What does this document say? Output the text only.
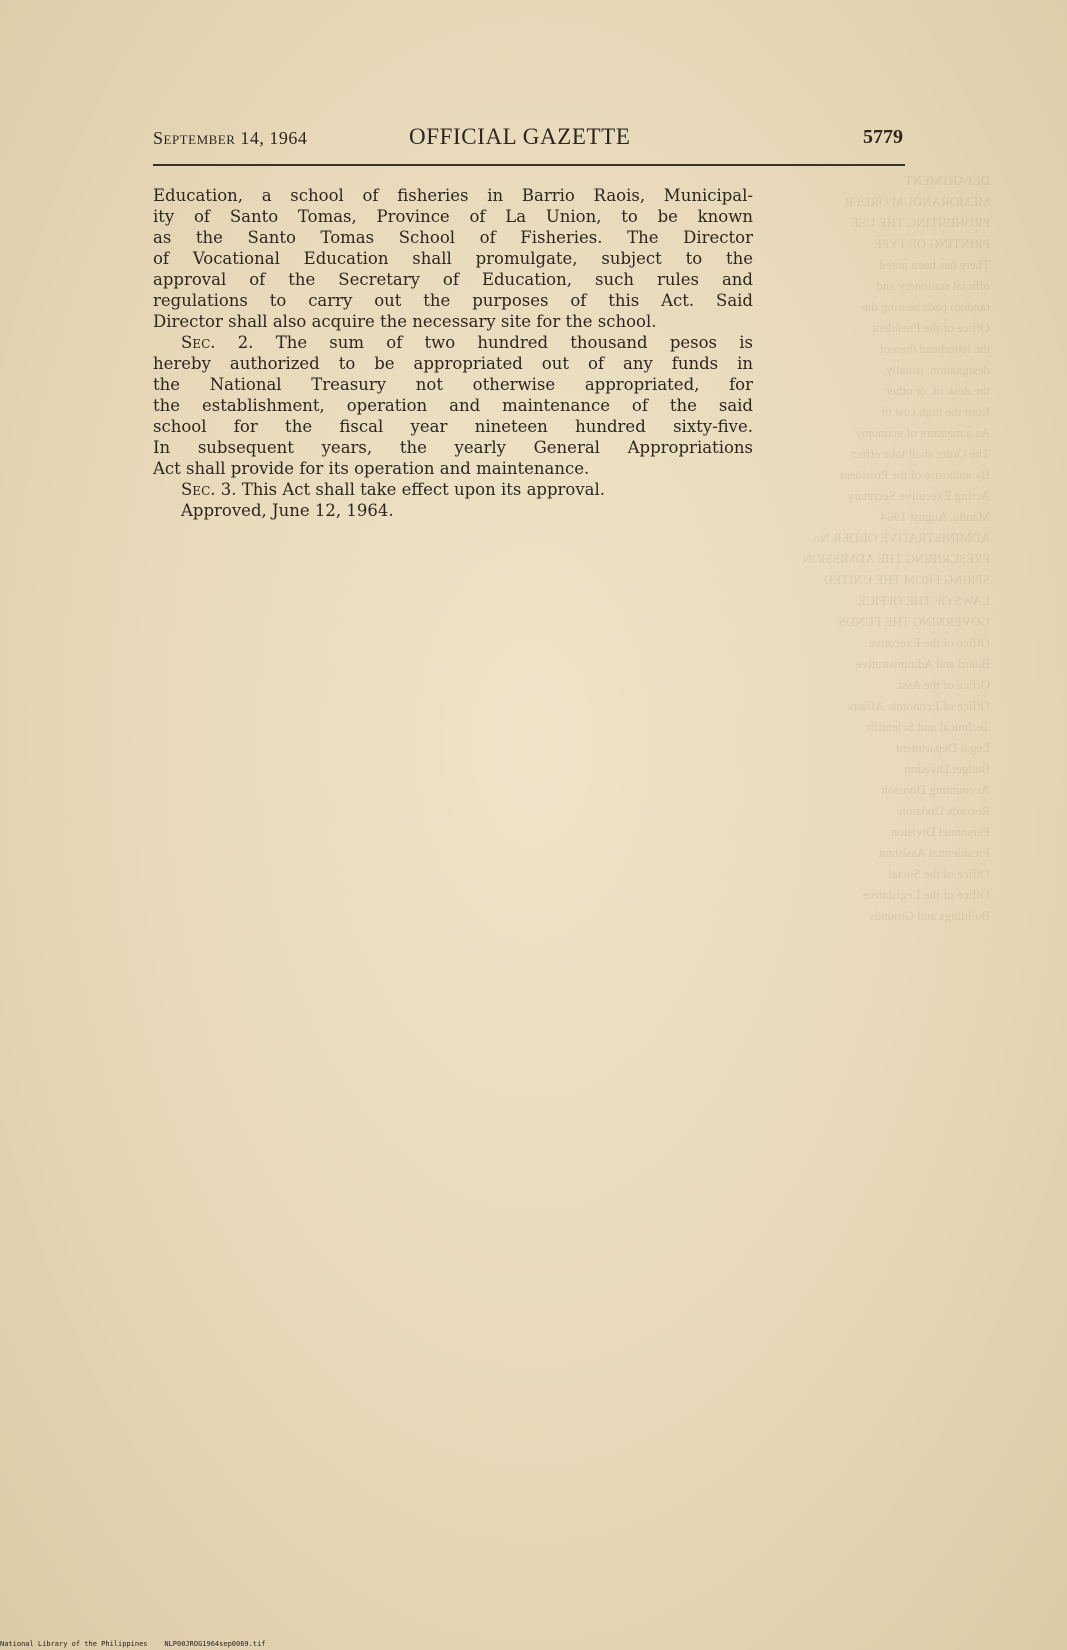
DEPARTMENT
MEMORANDUM ORDER
PROHIBITING THE USE
PRINTING OF TYPE
There has been noted
official stationery and
random pads bearing the
Office of the President
the letterhead thereof
designation, usually
the desk of, or other
from the high cost of
As a measure of economy
The Order shall take effect
By authority of the President
Acting Executive Secretary
Manila, August 1964
ADMINISTRATIVE ORDER No.
PRESCRIBING THE ADMISSION
SPRING FROM THE UNITED
LAWS OF THE OFFICE
GOVERNING THE FUNDS
Office of the Executive
Board and Administrative
Office of the Asst.
Office of Economic Affairs
Technical and Scientific
Legal Department
Budget Division
Accounting Division
Records Division
Personnel Division
Presidential Assistant
Office of the Social
Office of the Legislative
Buildings and Grounds
September 14, 1964	OFFICIAL GAZETTE	5779
Education, a school of fisheries in Barrio Raois, Municipal-
ity of Santo Tomas, Province of La Union, to be known
as the Santo Tomas School of Fisheries. The Director
of Vocational Education shall promulgate, subject to the
approval of the Secretary of Education, such rules and
regulations to carry out the purposes of this Act. Said
Director shall also acquire the necessary site for the school.
Sec. 2. The sum of two hundred thousand pesos is
hereby authorized to be appropriated out of any funds in
the National Treasury not otherwise appropriated, for
the establishment, operation and maintenance of the said
school for the fiscal year nineteen hundred sixty-five.
In subsequent years, the yearly General Appropriations
Act shall provide for its operation and maintenance.
Sec. 3. This Act shall take effect upon its approval.
Approved, June 12, 1964.
National Library of the Philippines    NLP00JROG1964sep0069.tif
